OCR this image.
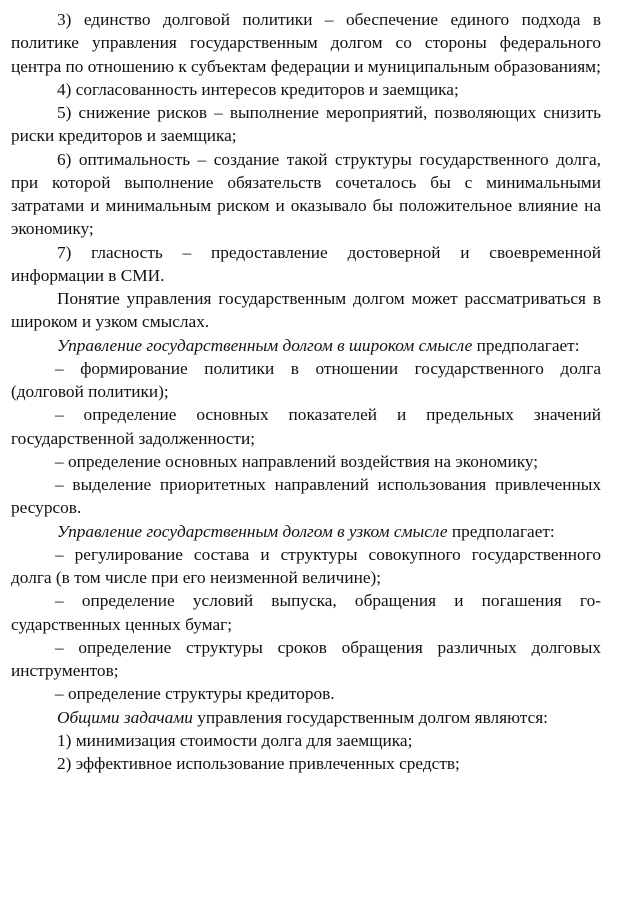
3) единство долговой политики – обеспечение единого подхода в политике управления государственным долгом со стороны федерального центра по отношению к субъектам федерации и муниципальным образованиям;

4) согласованность интересов кредиторов и заемщика;

5) снижение рисков – выполнение мероприятий, позволяющих снизить риски кредиторов и заемщика;

6) оптимальность – создание такой структуры государственного долга, при которой выполнение обязательств сочеталось бы с минимальными затратами и минимальным риском и оказывало бы положительное влияние на экономику;

7) гласность – предоставление достоверной и своевременной информации в СМИ.

Понятие управления государственным долгом может рассматриваться в широком и узком смыслах.

Управление государственным долгом в широком смысле предполагает:

– формирование политики в отношении государственного долга (долговой политики);

– определение основных показателей и предельных значений государственной задолженности;

– определение основных направлений воздействия на экономику;

– выделение приоритетных направлений использования привлеченных ресурсов.

Управление государственным долгом в узком смысле предполагает:

– регулирование состава и структуры совокупного государственного долга (в том числе при его неизменной величине);

– определение условий выпуска, обращения и погашения государственных ценных бумаг;

– определение структуры сроков обращения различных долговых инструментов;

– определение структуры кредиторов.

Общими задачами управления государственным долгом являются:

1) минимизация стоимости долга для заемщика;

2) эффективное использование привлеченных средств;
